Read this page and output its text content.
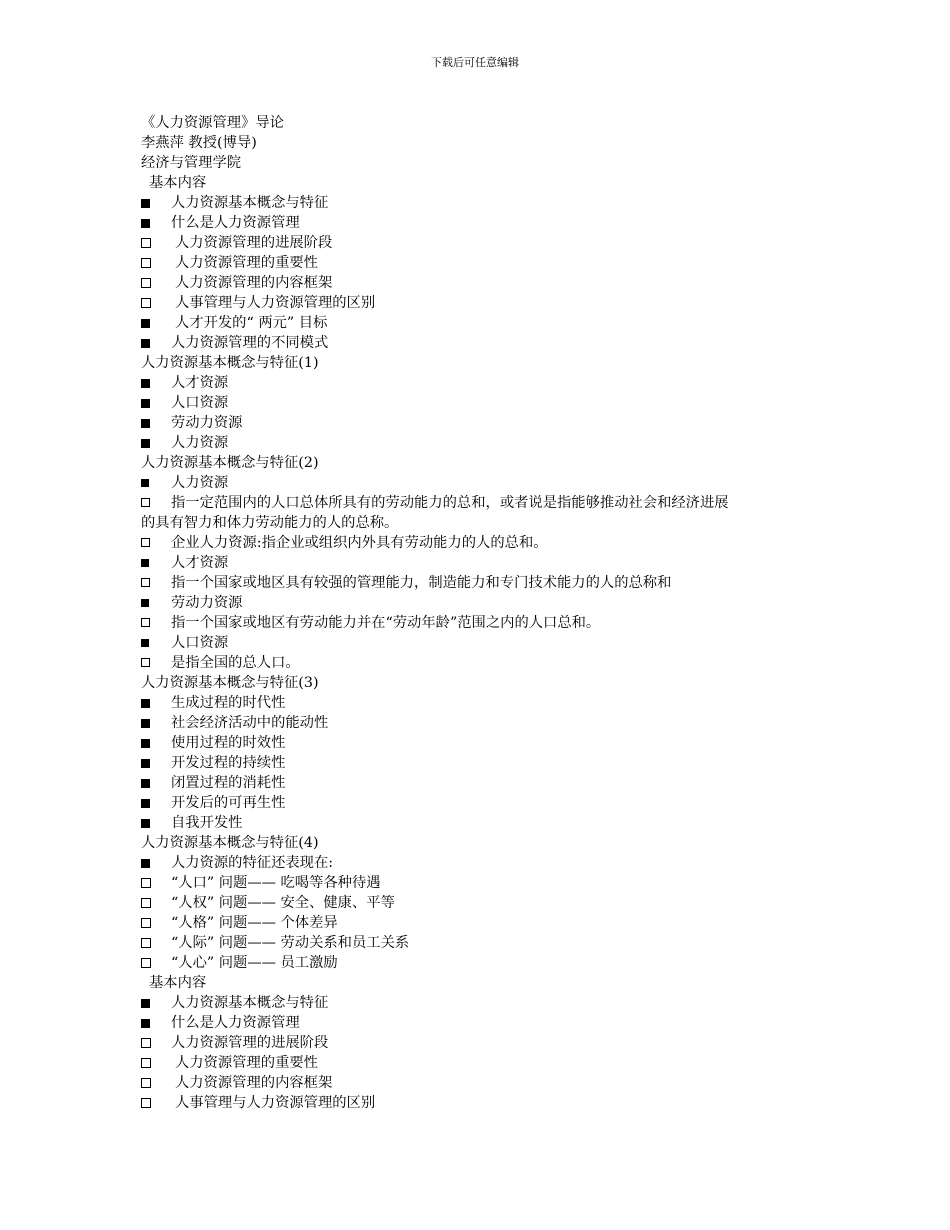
下载后可任意编辑
《人力资源管理》导论
李燕萍 教授(博导)
经济与管理学院
基本内容
人力资源基本概念与特征
什么是人力资源管理
人力资源管理的进展阶段
人力资源管理的重要性
人力资源管理的内容框架
人事管理与人力资源管理的区别
人才开发的“ 两元” 目标
人力资源管理的不同模式
人力资源基本概念与特征(1)
人才资源
人口资源
劳动力资源
人力资源
人力资源基本概念与特征(2)
人力资源
指一定范围内的人口总体所具有的劳动能力的总和，或者说是指能够推动社会和经济进展
的具有智力和体力劳动能力的人的总称。
企业人力资源:指企业或组织内外具有劳动能力的人的总和。
人才资源
指一个国家或地区具有较强的管理能力，制造能力和专门技术能力的人的总称和
劳动力资源
指一个国家或地区有劳动能力并在“劳动年龄”范围之内的人口总和。
人口资源
是指全国的总人口。
人力资源基本概念与特征(3)
生成过程的时代性
社会经济活动中的能动性
使用过程的时效性
开发过程的持续性
闭置过程的消耗性
开发后的可再生性
自我开发性
人力资源基本概念与特征(4)
人力资源的特征还表现在:
“人口” 问题—— 吃喝等各种待遇
“人权” 问题—— 安全、健康、平等
“人格” 问题—— 个体差异
“人际” 问题—— 劳动关系和员工关系
“人心” 问题—— 员工激励
基本内容
人力资源基本概念与特征
什么是人力资源管理
人力资源管理的进展阶段
人力资源管理的重要性
人力资源管理的内容框架
人事管理与人力资源管理的区别
